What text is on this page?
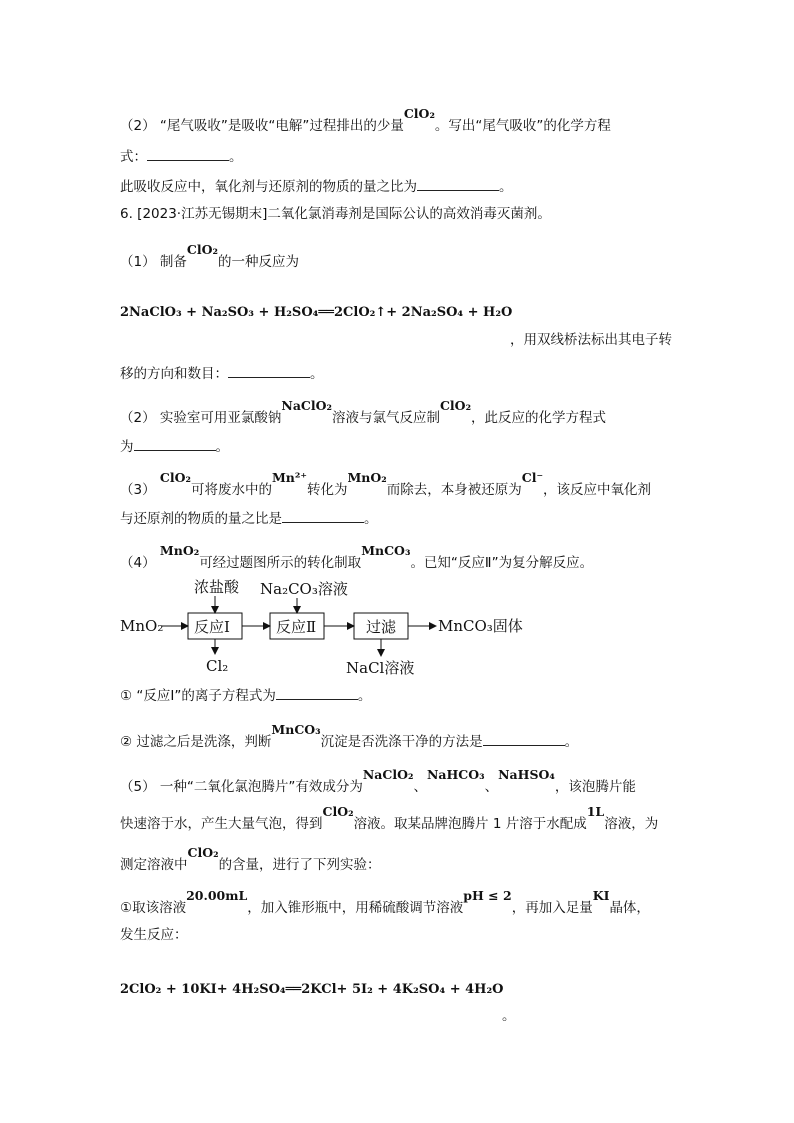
（2） “尾气吸收”是吸收“电解”过程排出的少量ClO₂。写出“尾气吸收”的化学方程
式：	。
此吸收反应中，氧化剂与还原剂的物质的量之比为	。
6. [2023·江苏无锡期末]二氧化氯消毒剂是国际公认的高效消毒灭菌剂。
（1） 制备ClO₂的一种反应为
2NaClO₃ + Na₂SO₃ + H₂SO₄══2ClO₂↑+ 2Na₂SO₄ + H₂O
，用双线桥法标出其电子转
移的方向和数目：	。
（2） 实验室可用亚氯酸钠NaClO₂溶液与氯气反应制ClO₂，此反应的化学方程式
为	。
（3） ClO₂可将废水中的Mn²⁺转化为MnO₂而除去，本身被还原为Cl⁻，该反应中氧化剂
与还原剂的物质的量之比是	。
（4） MnO₂可经过题图所示的转化制取MnCO₃。已知“反应Ⅱ”为复分解反应。
MnO₂ 反应Ⅰ	反应Ⅱ	过滤	MnCO₃固体
浓盐酸 Na₂CO₃溶液
Cl₂	NaCl溶液
① “反应Ⅰ”的离子方程式为	。
② 过滤之后是洗涤，判断MnCO₃沉淀是否洗涤干净的方法是	。
（5） 一种“二氧化氯泡腾片”有效成分为NaClO₂、NaHCO₃、NaHSO₄，该泡腾片能
快速溶于水，产生大量气泡，得到ClO₂溶液。取某品牌泡腾片 1 片溶于水配成1L溶液，为
测定溶液中ClO₂的含量，进行了下列实验：
①取该溶液20.00mL，加入锥形瓶中，用稀硫酸调节溶液pH ≤ 2，再加入足量KI晶体，
发生反应：
2ClO₂ + 10KI+ 4H₂SO₄══2KCl+ 5I₂ + 4K₂SO₄ + 4H₂O
。
